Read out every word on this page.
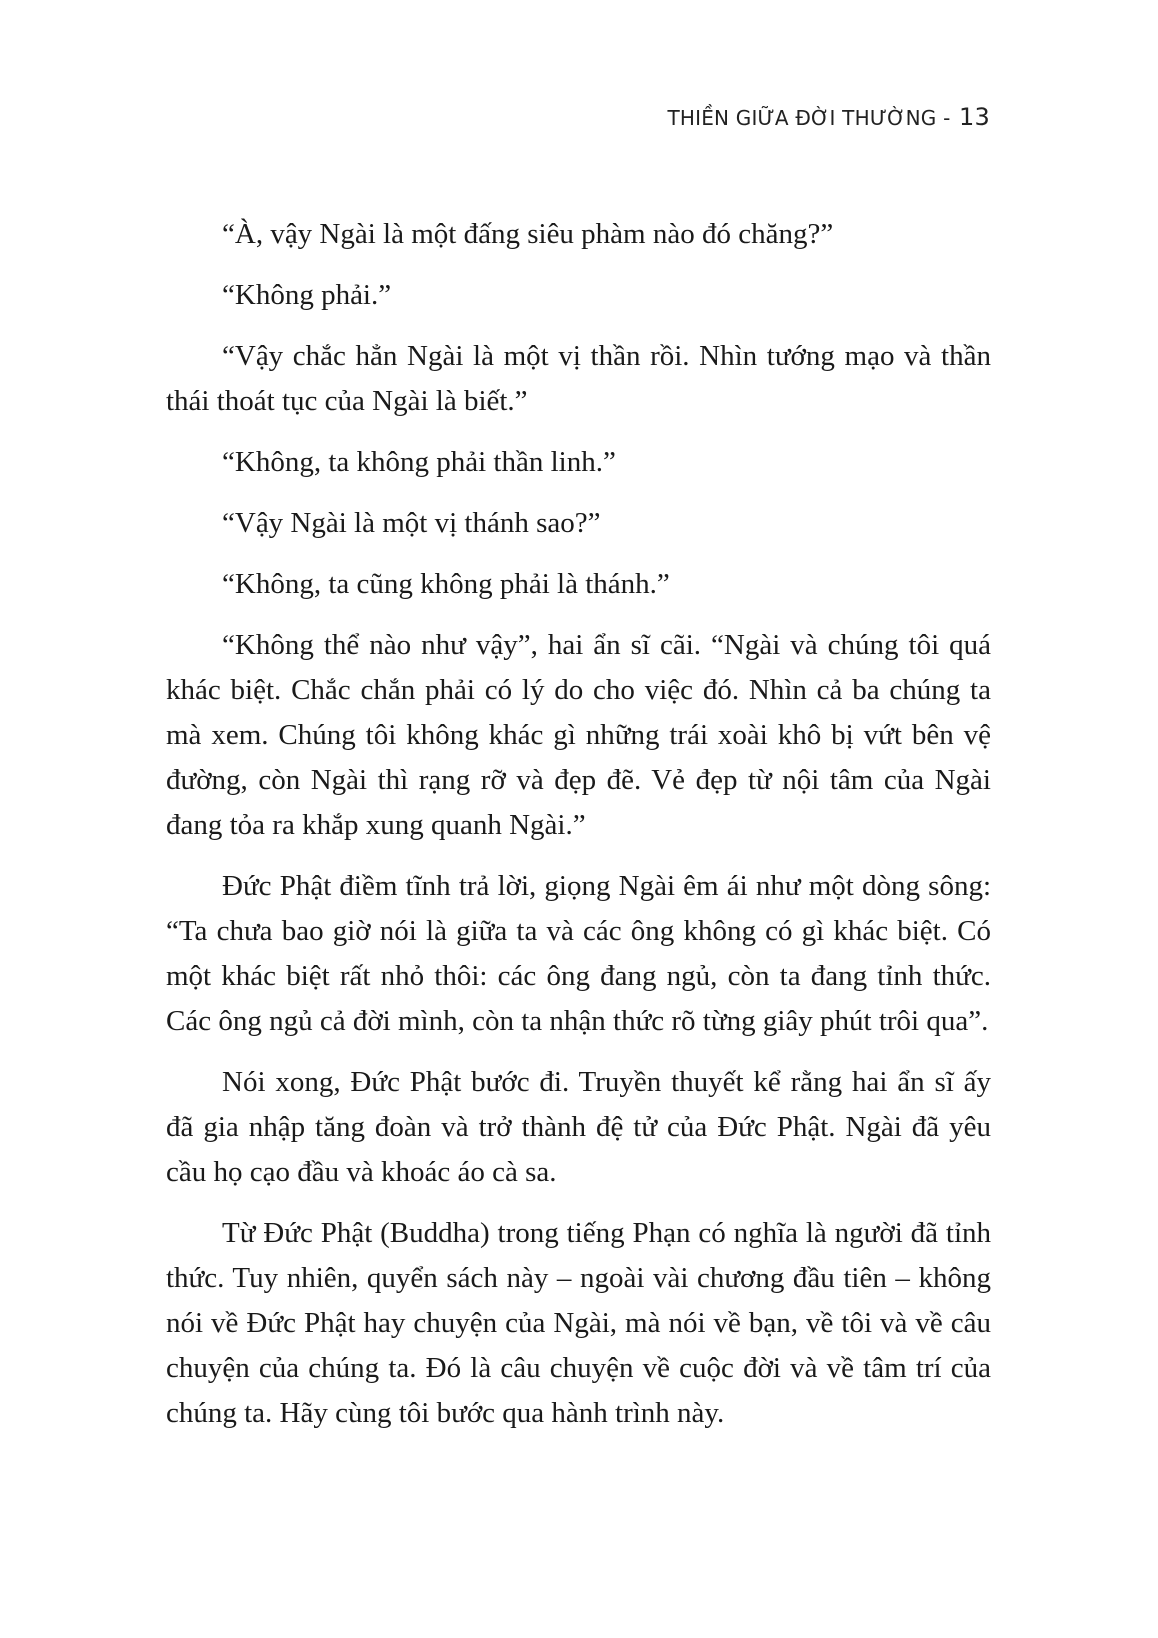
THIỀN GIỮA ĐỜI THƯỜNG - 13

“À, vậy Ngài là một đấng siêu phàm nào đó chăng?”

“Không phải.”

“Vậy chắc hẳn Ngài là một vị thần rồi. Nhìn tướng mạo và thần thái thoát tục của Ngài là biết.”

“Không, ta không phải thần linh.”

“Vậy Ngài là một vị thánh sao?”

“Không, ta cũng không phải là thánh.”

“Không thể nào như vậy”, hai ẩn sĩ cãi. “Ngài và chúng tôi quá khác biệt. Chắc chắn phải có lý do cho việc đó. Nhìn cả ba chúng ta mà xem. Chúng tôi không khác gì những trái xoài khô bị vứt bên vệ đường, còn Ngài thì rạng rỡ và đẹp đẽ. Vẻ đẹp từ nội tâm của Ngài đang tỏa ra khắp xung quanh Ngài.”

Đức Phật điềm tĩnh trả lời, giọng Ngài êm ái như một dòng sông: “Ta chưa bao giờ nói là giữa ta và các ông không có gì khác biệt. Có một khác biệt rất nhỏ thôi: các ông đang ngủ, còn ta đang tỉnh thức. Các ông ngủ cả đời mình, còn ta nhận thức rõ từng giây phút trôi qua”.

Nói xong, Đức Phật bước đi. Truyền thuyết kể rằng hai ẩn sĩ ấy đã gia nhập tăng đoàn và trở thành đệ tử của Đức Phật. Ngài đã yêu cầu họ cạo đầu và khoác áo cà sa.

Từ Đức Phật (Buddha) trong tiếng Phạn có nghĩa là người đã tỉnh thức. Tuy nhiên, quyển sách này – ngoài vài chương đầu tiên – không nói về Đức Phật hay chuyện của Ngài, mà nói về bạn, về tôi và về câu chuyện của chúng ta. Đó là câu chuyện về cuộc đời và về tâm trí của chúng ta. Hãy cùng tôi bước qua hành trình này.
